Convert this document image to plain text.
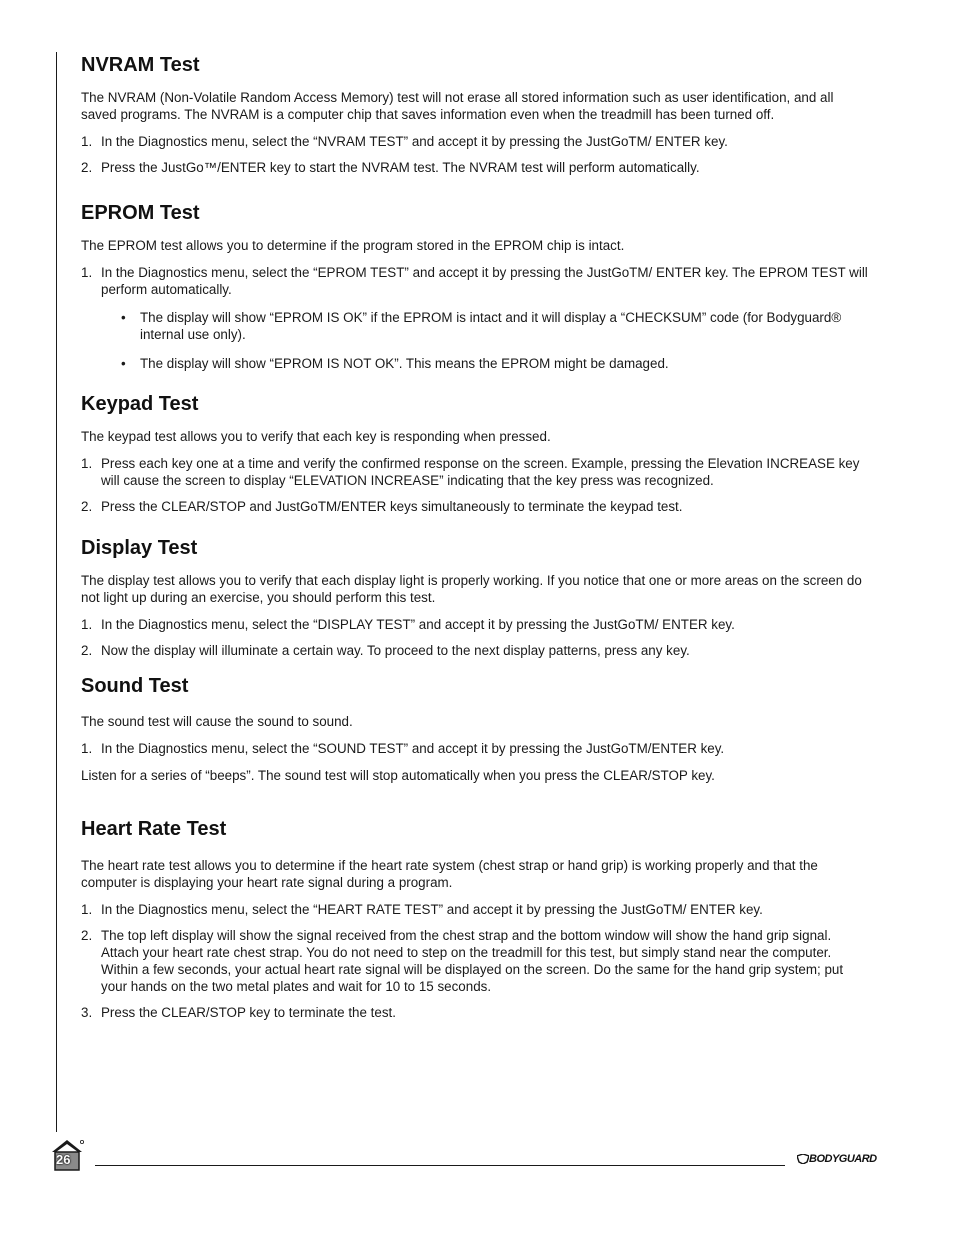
NVRAM Test

The NVRAM (Non-Volatile Random Access Memory) test will not erase all stored information such as user identification, and all saved programs. The NVRAM is a computer chip that saves information even when the treadmill has been turned off.

1. In the Diagnostics menu, select the “NVRAM TEST” and accept it by pressing the JustGoTM/ ENTER key.
2. Press the JustGo™/ENTER key to start the NVRAM test. The NVRAM test will perform automatically.
EPROM Test

The EPROM test allows you to determine if the program stored in the EPROM chip is intact.

1. In the Diagnostics menu, select the “EPROM TEST” and accept it by pressing the JustGoTM/ ENTER key. The EPROM TEST will perform automatically.
• The display will show “EPROM IS OK” if the EPROM is intact and it will display a “CHECKSUM” code (for Bodyguard® internal use only).
• The display will show “EPROM IS NOT OK”. This means the EPROM might be damaged.
Keypad Test

The keypad test allows you to verify that each key is responding when pressed.

1. Press each key one at a time and verify the confirmed response on the screen. Example, pressing the Elevation INCREASE key will cause the screen to display “ELEVATION INCREASE” indicating that the key press was recognized.
2. Press the CLEAR/STOP and JustGoTM/ENTER keys simultaneously to terminate the keypad test.
Display Test

The display test allows you to verify that each display light is properly working. If you notice that one or more areas on the screen do not light up during an exercise, you should perform this test.

1. In the Diagnostics menu, select the “DISPLAY TEST” and accept it by pressing the JustGoTM/ ENTER key.
2. Now the display will illuminate a certain way. To proceed to the next display patterns, press any key.
Sound Test

The sound test will cause the sound to sound.

1. In the Diagnostics menu, select the “SOUND TEST” and accept it by pressing the JustGoTM/ENTER key.

Listen for a series of “beeps”. The sound test will stop automatically when you press the CLEAR/STOP key.

Heart Rate Test

The heart rate test allows you to determine if the heart rate system (chest strap or hand grip) is working properly and that the computer is displaying your heart rate signal during a program.

1. In the Diagnostics menu, select the “HEART RATE TEST” and accept it by pressing the JustGoTM/ ENTER key.
2. The top left display will show the signal received from the chest strap and the bottom window will show the hand grip signal. Attach your heart rate chest strap. You do not need to step on the treadmill for this test, but simply stand near the computer. Within a few seconds, your actual heart rate signal will be displayed on the screen. Do the same for the hand grip system; put your hands on the two metal plates and wait for 10 to 15 seconds.
3. Press the CLEAR/STOP key to terminate the test.
26	BODYGUARD
